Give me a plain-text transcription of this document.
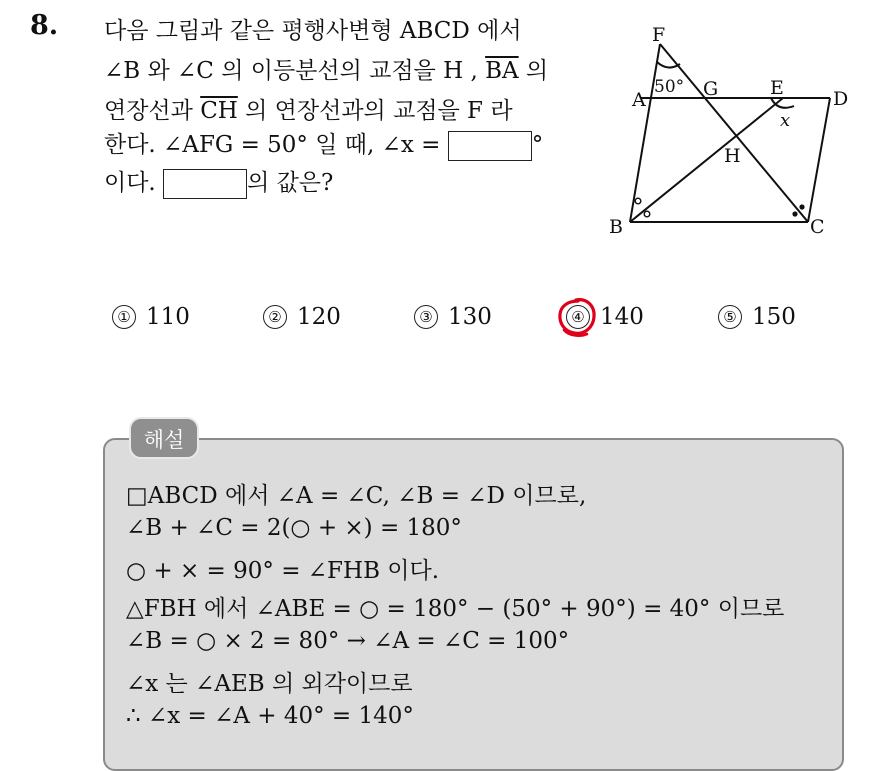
8. 다음 그림과 같은 평행사변형 ABCD 에서
∠B 와 ∠C 의 이등분선의 교점을 H , $\overline{BA}$ 의
연장선과 $\overline{CH}$ 의 연장선과의 교점을 F 라
한다. ∠AFG = 50° 일 때, ∠x =	°
이다.	의 값은?
F
A	G	E	D
H
B	C
50°
x
① 110	② 120	③ 130	④ 140	⑤ 150
해설
□ABCD 에서 ∠A = ∠C, ∠B = ∠D 이므로,
∠B + ∠C = 2(○ + ×) = 180°
○ + × = 90° = ∠FHB 이다.
△FBH 에서 ∠ABE = ○ = 180° − (50° + 90°) = 40° 이므로
∠B = ○ × 2 = 80° → ∠A = ∠C = 100°
∠x 는 ∠AEB 의 외각이므로
∴ ∠x = ∠A + 40° = 140°
